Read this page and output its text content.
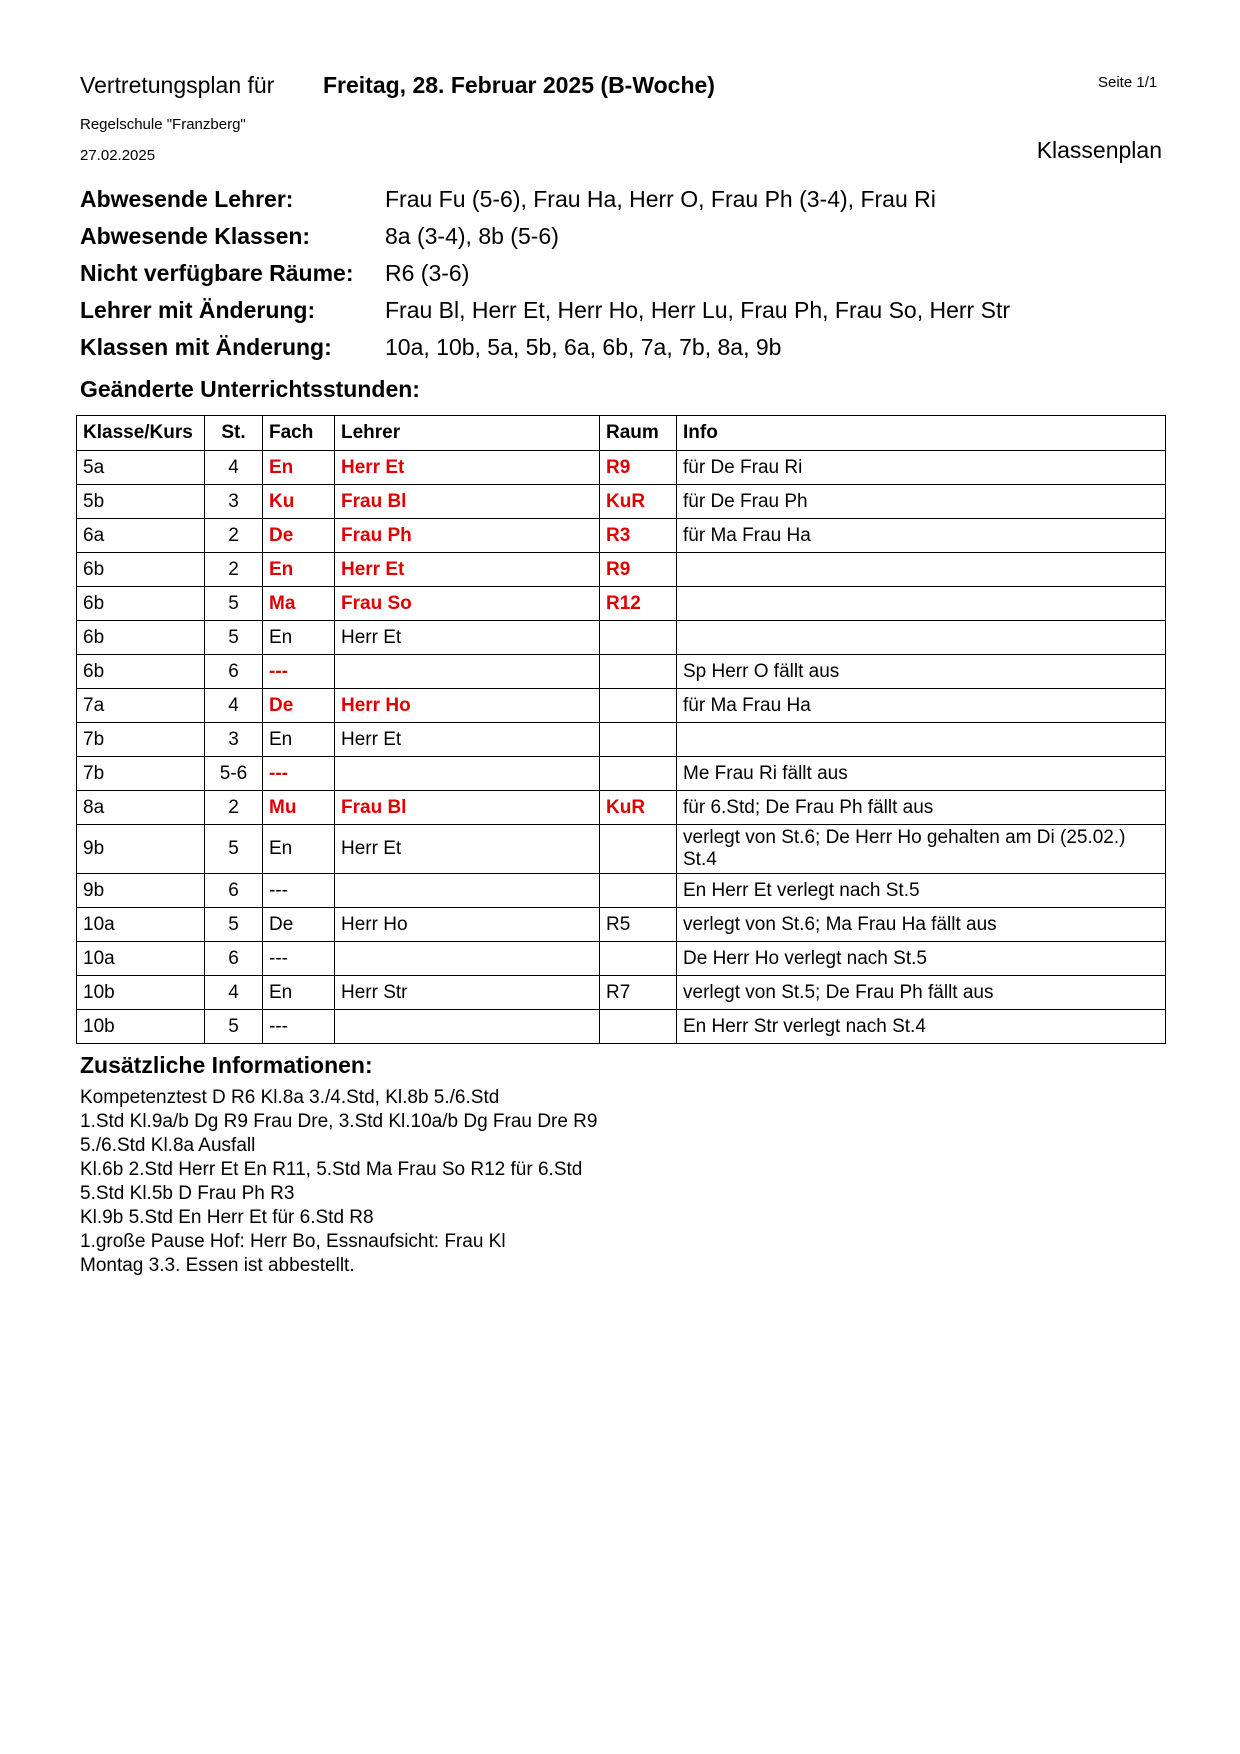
Vertretungsplan für Freitag, 28. Februar 2025 (B-Woche)	Seite 1/1
Regelschule "Franzberg"
27.02.2025	Klassenplan
Abwesende Lehrer:	Frau Fu (5-6), Frau Ha, Herr O, Frau Ph (3-4), Frau Ri
Abwesende Klassen:	8a (3-4), 8b (5-6)
Nicht verfügbare Räume:	R6 (3-6)
Lehrer mit Änderung:	Frau Bl, Herr Et, Herr Ho, Herr Lu, Frau Ph, Frau So, Herr Str
Klassen mit Änderung:	10a, 10b, 5a, 5b, 6a, 6b, 7a, 7b, 8a, 9b
Geänderte Unterrichtsstunden:
Klasse/Kurs	St.	Fach	Lehrer	Raum	Info
5a	4	En	Herr Et	R9	für De Frau Ri
5b	3	Ku	Frau Bl	KuR	für De Frau Ph
6a	2	De	Frau Ph	R3	für Ma Frau Ha
6b	2	En	Herr Et	R9	
6b	5	Ma	Frau So	R12	
6b	5	En	Herr Et		
6b	6	---			Sp Herr O fällt aus
7a	4	De	Herr Ho		für Ma Frau Ha
7b	3	En	Herr Et		
7b	5-6	---			Me Frau Ri fällt aus
8a	2	Mu	Frau Bl	KuR	für 6.Std; De Frau Ph fällt aus
9b	5	En	Herr Et		verlegt von St.6; De Herr Ho gehalten am Di (25.02.) St.4
9b	6	---			En Herr Et verlegt nach St.5
10a	5	De	Herr Ho	R5	verlegt von St.6; Ma Frau Ha fällt aus
10a	6	---			De Herr Ho verlegt nach St.5
10b	4	En	Herr Str	R7	verlegt von St.5; De Frau Ph fällt aus
10b	5	---			En Herr Str verlegt nach St.4
Zusätzliche Informationen:
Kompetenztest D R6 Kl.8a 3./4.Std, Kl.8b 5./6.Std
1.Std Kl.9a/b Dg R9 Frau Dre, 3.Std Kl.10a/b Dg Frau Dre R9
5./6.Std Kl.8a Ausfall
Kl.6b 2.Std Herr Et En R11, 5.Std Ma Frau So R12 für 6.Std
5.Std Kl.5b D Frau Ph R3
Kl.9b 5.Std En Herr Et für 6.Std R8
1.große Pause Hof: Herr Bo, Essnaufsicht: Frau Kl
Montag 3.3. Essen ist abbestellt.
